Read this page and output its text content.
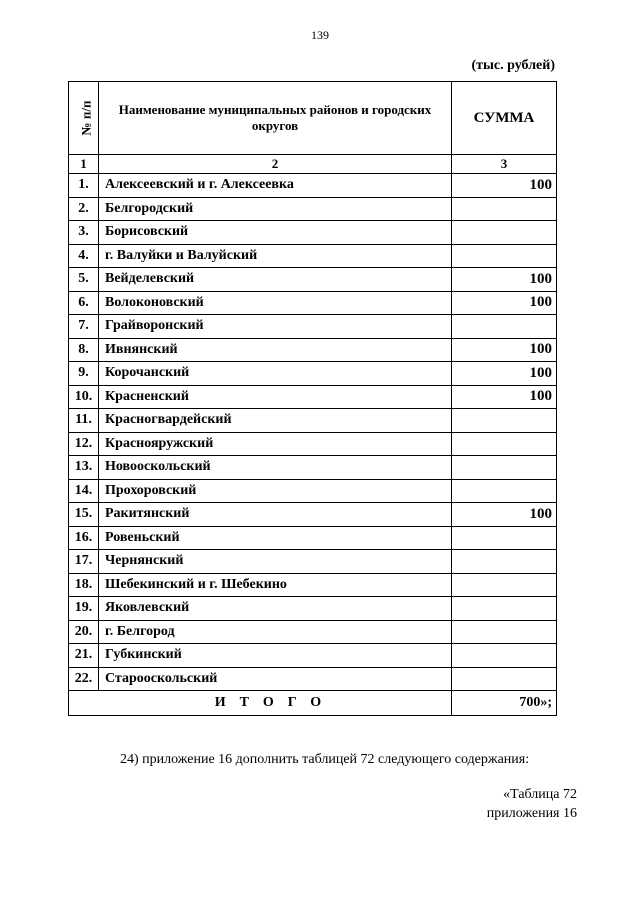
139
(тыс. рублей)
№ п/п	Наименование муниципальных районов и городских округов	СУММА
1	2	3
1.	Алексеевский и г. Алексеевка	100
2.	Белгородский	
3.	Борисовский	
4.	г. Валуйки и Валуйский	
5.	Вейделевский	100
6.	Волоконовский	100
7.	Грайворонский	
8.	Ивнянский	100
9.	Корочанский	100
10.	Красненский	100
11.	Красногвардейский	
12.	Краснояружский	
13.	Новооскольский	
14.	Прохоровский	
15.	Ракитянский	100
16.	Ровеньский	
17.	Чернянский	
18.	Шебекинский и г. Шебекино	
19.	Яковлевский	
20.	г. Белгород	
21.	Губкинский	
22.	Старооскольский	
ИТОГО		700»;
24) приложение 16 дополнить таблицей 72 следующего содержания:
«Таблица 72
приложения 16
